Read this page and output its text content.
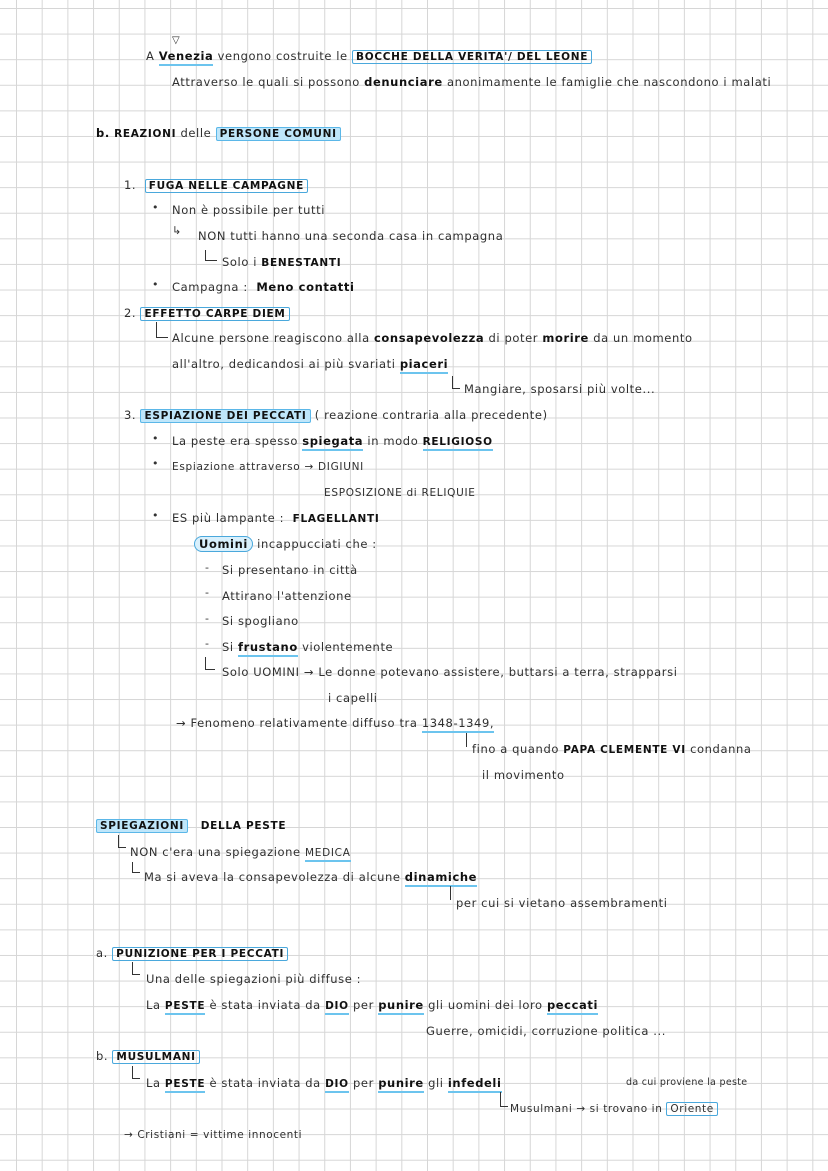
▽
A Venezia vengono costruite le BOCCHE DELLA VERITA'/ DEL LEONE
Attraverso le quali si possono denunciare anonimamente le famiglie che nascondono i malati
b. REAZIONI delle PERSONE COMUNI
1. FUGA NELLE CAMPAGNE
• Non è possibile per tutti
↳ NON tutti hanno una seconda casa in campagna
Solo i BENESTANTI
• Campagna : Meno contatti
2. EFFETTO CARPE DIEM
Alcune persone reagiscono alla consapevolezza di poter morire da un momento
all'altro, dedicandosi ai più svariati piaceri
Mangiare, sposarsi più volte...
3. ESPIAZIONE DEI PECCATI ( reazione contraria alla precedente)
• La peste era spesso spiegata in modo RELIGIOSO
• Espiazione attraverso → DIGIUNI
ESPOSIZIONE di RELIQUIE
• ES più lampante : FLAGELLANTI
Uomini incappucciati che :
- Si presentano in città
- Attirano l'attenzione
- Si spogliano
- Si frustano violentemente
Solo UOMINI → Le donne potevano assistere, buttarsi a terra, strapparsi
i capelli
→ Fenomeno relativamente diffuso tra 1348-1349,
fino a quando PAPA CLEMENTE VI condanna
il movimento
SPIEGAZIONI DELLA PESTE
NON c'era una spiegazione MEDICA
Ma si aveva la consapevolezza di alcune dinamiche
per cui si vietano assembramenti
a. PUNIZIONE PER I PECCATI
Una delle spiegazioni più diffuse :
La PESTE è stata inviata da DIO per punire gli uomini dei loro peccati
Guerre, omicidi, corruzione politica ...
b. MUSULMANI
La PESTE è stata inviata da DIO per punire gli infedeli	da cui proviene la peste
Musulmani → si trovano in Oriente
→ Cristiani = vittime innocenti
